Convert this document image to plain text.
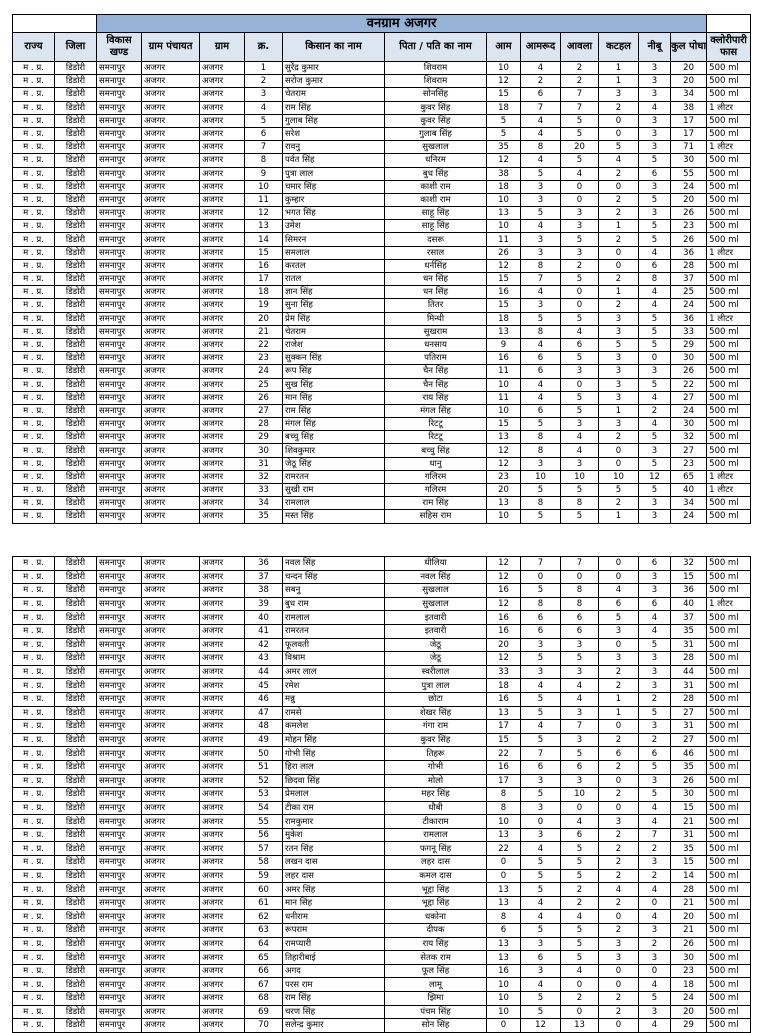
		वनग्राम अजगर												
राज्य	जिला	विकास खण्ड	ग्राम पंचायत	ग्राम	क्र.	किसान का नाम	पिता / पति का नाम	आम	आमरूद	आवला	कटहल	नीबू	कुल पोधा	क्लोरीपारी फास
म . प्र.	डिंडोरी	समनापुर	अजगर	अजगर	1	सुरेंद्र कुमार	शिवराम	10	4	2	1	3	20	500 ml
म . प्र.	डिंडोरी	समनापुर	अजगर	अजगर	2	सरोज कुमार	शिवराम	12	2	2	1	3	20	500 ml
म . प्र.	डिंडोरी	समनापुर	अजगर	अजगर	3	चेतराम	सोनसिंह	15	6	7	3	3	34	500 ml
म . प्र.	डिंडोरी	समनापुर	अजगर	अजगर	4	राम सिंह	कुवर सिंह	18	7	7	2	4	38	1 लीटर
म . प्र.	डिंडोरी	समनापुर	अजगर	अजगर	5	गुलाब सिंह	कुवर सिंह	5	4	5	0	3	17	500 ml
म . प्र.	डिंडोरी	समनापुर	अजगर	अजगर	6	सरेश	गुलाब सिंह	5	4	5	0	3	17	500 ml
म . प्र.	डिंडोरी	समनापुर	अजगर	अजगर	7	रावनु	सुखलाल	35	8	20	5	3	71	1 लीटर
म . प्र.	डिंडोरी	समनापुर	अजगर	अजगर	8	पर्वत सिंह	धनिरम	12	4	5	4	5	30	500 ml
म . प्र.	डिंडोरी	समनापुर	अजगर	अजगर	9	पुत्रा लाल	बुध सिंह	38	5	4	2	6	55	500 ml
म . प्र.	डिंडोरी	समनापुर	अजगर	अजगर	10	चमार सिंह	काशी राम	18	3	0	0	3	24	500 ml
म . प्र.	डिंडोरी	समनापुर	अजगर	अजगर	11	कुम्हार	काशी राम	10	3	0	2	5	20	500 ml
म . प्र.	डिंडोरी	समनापुर	अजगर	अजगर	12	भगत सिंह	साहू सिंह	13	5	3	2	3	26	500 ml
म . प्र.	डिंडोरी	समनापुर	अजगर	अजगर	13	उमेश	साहू सिंह	10	4	3	1	5	23	500 ml
म . प्र.	डिंडोरी	समनापुर	अजगर	अजगर	14	सिमरन	दसरू	11	3	5	2	5	26	500 ml
म . प्र.	डिंडोरी	समनापुर	अजगर	अजगर	15	समलाल	रसाल	26	3	3	0	4	36	1 लीटर
म . प्र.	डिंडोरी	समनापुर	अजगर	अजगर	16	करतल	धर्नसिंह	12	8	2	0	6	28	500 ml
म . प्र.	डिंडोरी	समनापुर	अजगर	अजगर	17	रातल	धन सिंह	15	7	5	2	8	37	500 ml
म . प्र.	डिंडोरी	समनापुर	अजगर	अजगर	18	ज्ञान सिंह	धन सिंह	16	4	0	1	4	25	500 ml
म . प्र.	डिंडोरी	समनापुर	अजगर	अजगर	19	सुना सिंह	तितर	15	3	0	2	4	24	500 ml
म . प्र.	डिंडोरी	समनापुर	अजगर	अजगर	20	प्रेम सिंह	मिन्धी	18	5	5	3	5	36	1 लीटर
म . प्र.	डिंडोरी	समनापुर	अजगर	अजगर	21	चेतराम	सुखराम	13	8	4	3	5	33	500 ml
म . प्र.	डिंडोरी	समनापुर	अजगर	अजगर	22	राजेश	धनसाय	9	4	6	5	5	29	500 ml
म . प्र.	डिंडोरी	समनापुर	अजगर	अजगर	23	सुक्कन सिंह	पतिराम	16	6	5	3	0	30	500 ml
म . प्र.	डिंडोरी	समनापुर	अजगर	अजगर	24	रूप सिंह	चैन सिंह	11	6	3	3	3	26	500 ml
म . प्र.	डिंडोरी	समनापुर	अजगर	अजगर	25	सुख सिंह	चैन सिंह	10	4	0	3	5	22	500 ml
म . प्र.	डिंडोरी	समनापुर	अजगर	अजगर	26	मान सिंह	राय सिंह	11	4	5	3	4	27	500 ml
म . प्र.	डिंडोरी	समनापुर	अजगर	अजगर	27	राम सिंह	मंगल सिंह	10	6	5	1	2	24	500 ml
म . प्र.	डिंडोरी	समनापुर	अजगर	अजगर	28	मंगल सिंह	रिटटू	15	5	3	3	4	30	500 ml
म . प्र.	डिंडोरी	समनापुर	अजगर	अजगर	29	बच्चु सिंह	रिटटू	13	8	4	2	5	32	500 ml
म . प्र.	डिंडोरी	समनापुर	अजगर	अजगर	30	शिवकुमार	बच्चु सिंह	12	8	4	0	3	27	500 ml
म . प्र.	डिंडोरी	समनापुर	अजगर	अजगर	31	जेठू सिंह	धानु	12	3	3	0	5	23	500 ml
म . प्र.	डिंडोरी	समनापुर	अजगर	अजगर	32	रामरतन	गलिरम	23	10	10	10	12	65	1 लीटर
म . प्र.	डिंडोरी	समनापुर	अजगर	अजगर	33	सुखी राम	गलिरम	20	5	5	5	5	40	1 लीटर
म . प्र.	डिंडोरी	समनापुर	अजगर	अजगर	34	रामलाल	राम सिंह	13	8	8	2	3	34	500 ml
म . प्र.	डिंडोरी	समनापुर	अजगर	अजगर	35	मस्त सिंह	सहिस राम	10	5	5	1	3	24	500 ml
म . प्र.	डिंडोरी	समनापुर	अजगर	अजगर	36	नवल सिंह	धीलिया	12	7	7	0	6	32	500 ml
म . प्र.	डिंडोरी	समनापुर	अजगर	अजगर	37	चन्दन सिंह	नवल सिंह	12	0	0	0	3	15	500 ml
म . प्र.	डिंडोरी	समनापुर	अजगर	अजगर	38	सबनु	सुखलाल	16	5	8	4	3	36	500 ml
म . प्र.	डिंडोरी	समनापुर	अजगर	अजगर	39	बुध राम	सुखलाल	12	8	8	6	6	40	1 लीटर
म . प्र.	डिंडोरी	समनापुर	अजगर	अजगर	40	रामलाल	इतवारी	16	6	6	5	4	37	500 ml
म . प्र.	डिंडोरी	समनापुर	अजगर	अजगर	41	रामरतन	इतवारी	16	6	6	3	4	35	500 ml
म . प्र.	डिंडोरी	समनापुर	अजगर	अजगर	42	फूलवती	जेठू	20	3	3	0	5	31	500 ml
म . प्र.	डिंडोरी	समनापुर	अजगर	अजगर	43	विश्राम	जेठू	12	5	5	3	3	28	500 ml
म . प्र.	डिंडोरी	समनापुर	अजगर	अजगर	44	अमर लाल	स्वरीलाल	33	3	3	2	3	44	500 ml
म . प्र.	डिंडोरी	समनापुर	अजगर	अजगर	45	रमेश	पुत्रा लाल	18	4	4	2	3	31	500 ml
म . प्र.	डिंडोरी	समनापुर	अजगर	अजगर	46	मन्नु	छोटा	16	5	4	1	2	28	500 ml
म . प्र.	डिंडोरी	समनापुर	अजगर	अजगर	47	रामसे	शेखर सिंह	13	5	3	1	5	27	500 ml
म . प्र.	डिंडोरी	समनापुर	अजगर	अजगर	48	कमलेश	गंगा राम	17	4	7	0	3	31	500 ml
म . प्र.	डिंडोरी	समनापुर	अजगर	अजगर	49	मोहन सिंह	कुवर सिंह	15	5	3	2	2	27	500 ml
म . प्र.	डिंडोरी	समनापुर	अजगर	अजगर	50	गोभी सिंह	तिहरू	22	7	5	6	6	46	500 ml
म . प्र.	डिंडोरी	समनापुर	अजगर	अजगर	51	हिरा लाल	गोभी	16	6	6	2	5	35	500 ml
म . प्र.	डिंडोरी	समनापुर	अजगर	अजगर	52	छिदवा सिंह	मोलो	17	3	3	0	3	26	500 ml
म . प्र.	डिंडोरी	समनापुर	अजगर	अजगर	53	प्रेमलाल	महर सिंह	8	5	10	2	5	30	500 ml
म . प्र.	डिंडोरी	समनापुर	अजगर	अजगर	54	टीका राम	धौबी	8	3	0	0	4	15	500 ml
म . प्र.	डिंडोरी	समनापुर	अजगर	अजगर	55	रामकुमार	टीकाराम	10	0	4	3	4	21	500 ml
म . प्र.	डिंडोरी	समनापुर	अजगर	अजगर	56	मुकेश	रामलाल	13	3	6	2	7	31	500 ml
म . प्र.	डिंडोरी	समनापुर	अजगर	अजगर	57	रतन सिंह	फगनू सिंह	22	4	5	2	2	35	500 ml
म . प्र.	डिंडोरी	समनापुर	अजगर	अजगर	58	लखन दास	लहर दास	0	5	5	2	3	15	500 ml
म . प्र.	डिंडोरी	समनापुर	अजगर	अजगर	59	लहर दास	कमल दास	0	5	5	2	2	14	500 ml
म . प्र.	डिंडोरी	समनापुर	अजगर	अजगर	60	अमर सिंह	भूद्दा सिंह	13	5	2	4	4	28	500 ml
म . प्र.	डिंडोरी	समनापुर	अजगर	अजगर	61	मान सिंह	भूद्दा सिंह	13	4	2	2	0	21	500 ml
म . प्र.	डिंडोरी	समनापुर	अजगर	अजगर	62	धनीराम	धकोना	8	4	4	0	4	20	500 ml
म . प्र.	डिंडोरी	समनापुर	अजगर	अजगर	63	रूपराम	दीपक	6	5	5	2	3	21	500 ml
म . प्र.	डिंडोरी	समनापुर	अजगर	अजगर	64	रामप्यारी	राय सिंह	13	3	5	3	2	26	500 ml
म . प्र.	डिंडोरी	समनापुर	अजगर	अजगर	65	तिहारीबाई	सेतक राम	13	6	5	3	3	30	500 ml
म . प्र.	डिंडोरी	समनापुर	अजगर	अजगर	66	अगद	फूल सिंह	16	3	4	0	0	23	500 ml
म . प्र.	डिंडोरी	समनापुर	अजगर	अजगर	67	परस राम	लामू	10	4	0	0	4	18	500 ml
म . प्र.	डिंडोरी	समनापुर	अजगर	अजगर	68	राम सिंह	झिमा	10	5	2	2	5	24	500 ml
म . प्र.	डिंडोरी	समनापुर	अजगर	अजगर	69	चरण सिंह	पंचम सिंह	10	5	0	2	3	20	500 ml
म . प्र.	डिंडोरी	समनापुर	अजगर	अजगर	70	सलेन्द्र कुमार	सोन सिंह	0	12	13	0	4	29	500 ml
